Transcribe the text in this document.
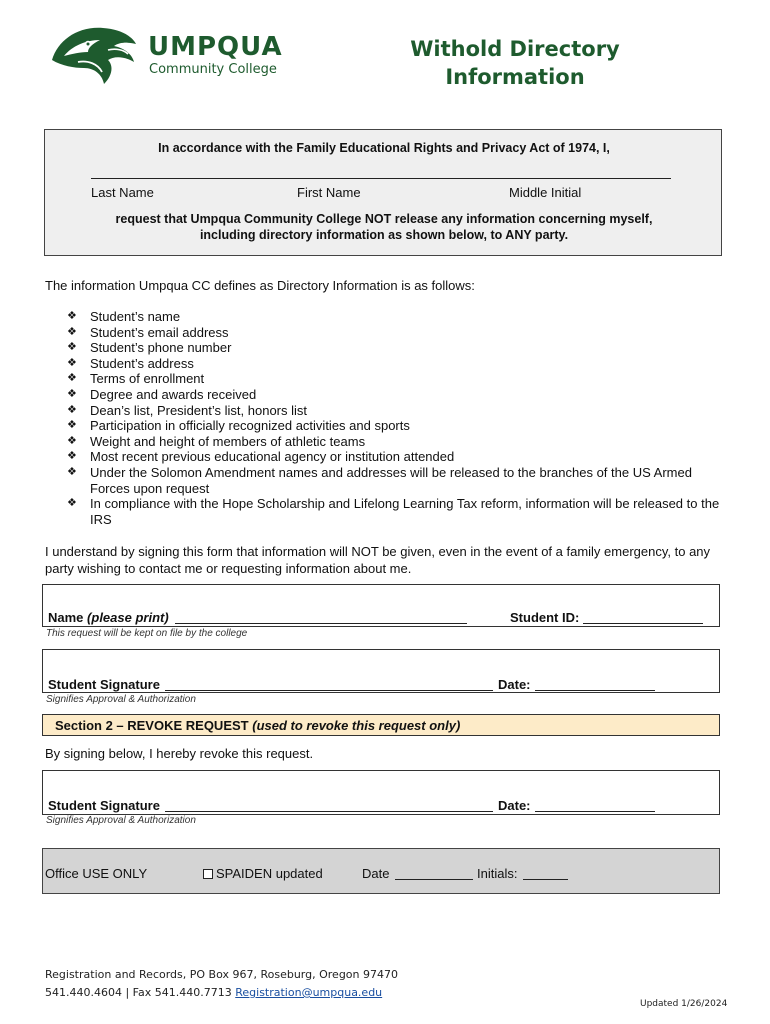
UMPQUA
Community College
Withold Directory
Information
In accordance with the Family Educational Rights and Privacy Act of 1974, I,
Last Name	First Name	Middle Initial
request that Umpqua Community College NOT release any information concerning myself,
including directory information as shown below, to ANY party.
The information Umpqua CC defines as Directory Information is as follows:
❖ Student’s name
❖ Student’s email address
❖ Student’s phone number
❖ Student’s address
❖ Terms of enrollment
❖ Degree and awards received
❖ Dean’s list, President’s list, honors list
❖ Participation in officially recognized activities and sports
❖ Weight and height of members of athletic teams
❖ Most recent previous educational agency or institution attended
❖ Under the Solomon Amendment names and addresses will be released to the branches of the US Armed Forces upon request
❖ In compliance with the Hope Scholarship and Lifelong Learning Tax reform, information will be released to the IRS
I understand by signing this form that information will NOT be given, even in the event of a family emergency, to any party wishing to contact me or requesting information about me.
Name (please print)	Student ID:
This request will be kept on file by the college
Student Signature	Date:
Signifies Approval & Authorization
Section 2 – REVOKE REQUEST (used to revoke this request only)
By signing below, I hereby revoke this request.
Student Signature	Date:
Signifies Approval & Authorization
Office USE ONLY	SPAIDEN updated	Date	Initials:
Registration and Records, PO Box 967, Roseburg, Oregon 97470
541.440.4604 | Fax 541.440.7713 Registration@umpqua.edu
Updated 1/26/2024
